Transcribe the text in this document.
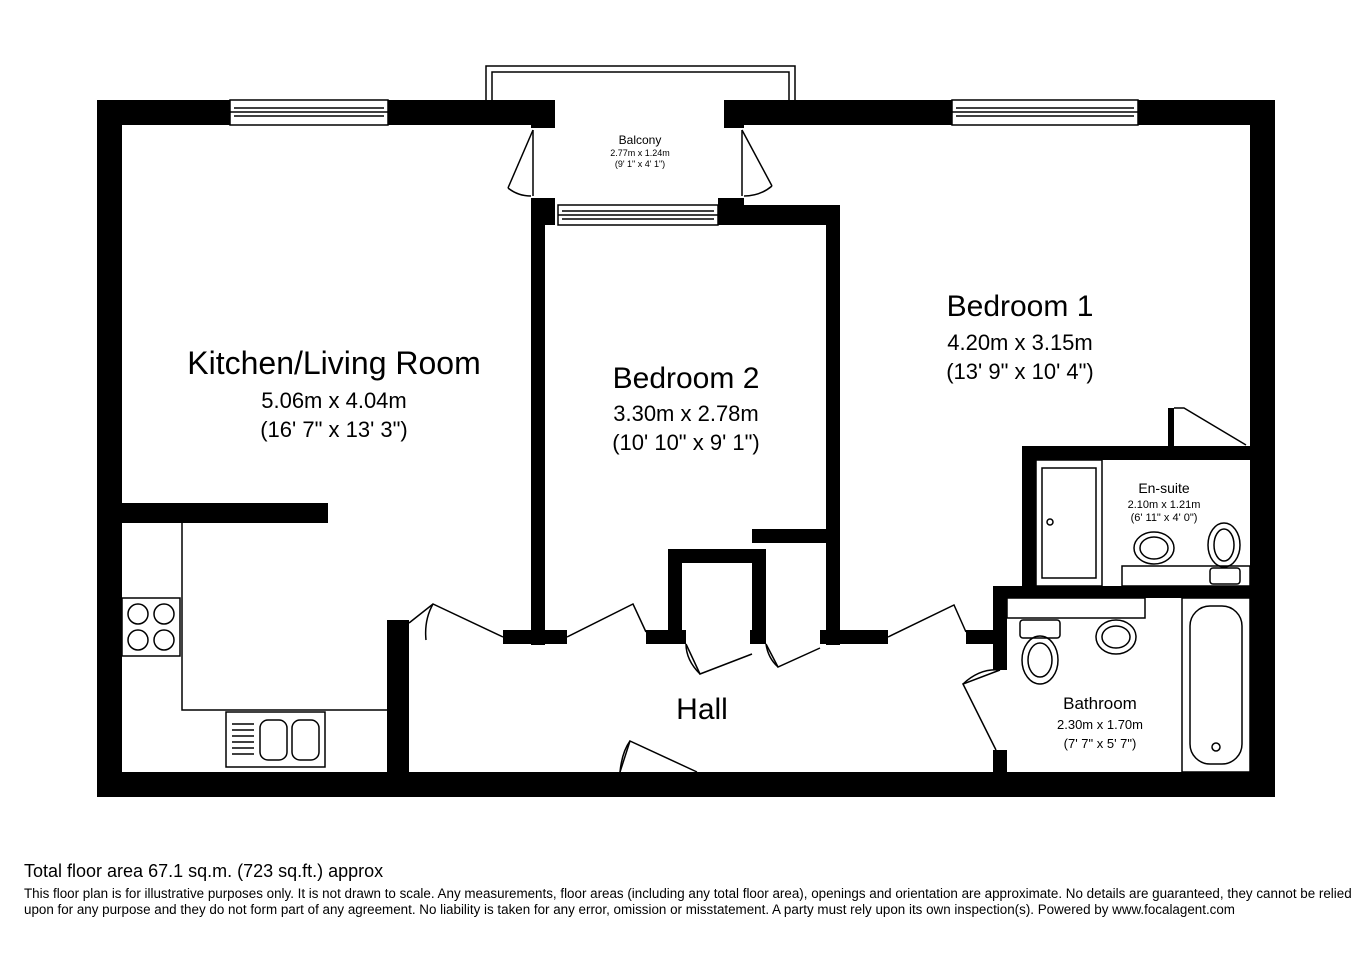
Balcony
2.77m x 1.24m
(9' 1" x 4' 1")
Kitchen/Living Room
5.06m x 4.04m
(16' 7" x 13' 3")
Bedroom 2
3.30m x 2.78m
(10' 10" x 9' 1")
Bedroom 1
4.20m x 3.15m
(13' 9" x 10' 4")
En-suite
2.10m x 1.21m
(6' 11" x 4' 0")
Bathroom
2.30m x 1.70m
(7' 7" x 5' 7")
Hall
Total floor area 67.1 sq.m. (723 sq.ft.) approx
This floor plan is for illustrative purposes only. It is not drawn to scale. Any measurements, floor areas (including any total floor area), openings and orientation are approximate. No details are guaranteed, they cannot be relied upon for any purpose and they do not form part of any agreement. No liability is taken for any error, omission or misstatement. A party must rely upon its own inspection(s). Powered by www.focalagent.com
